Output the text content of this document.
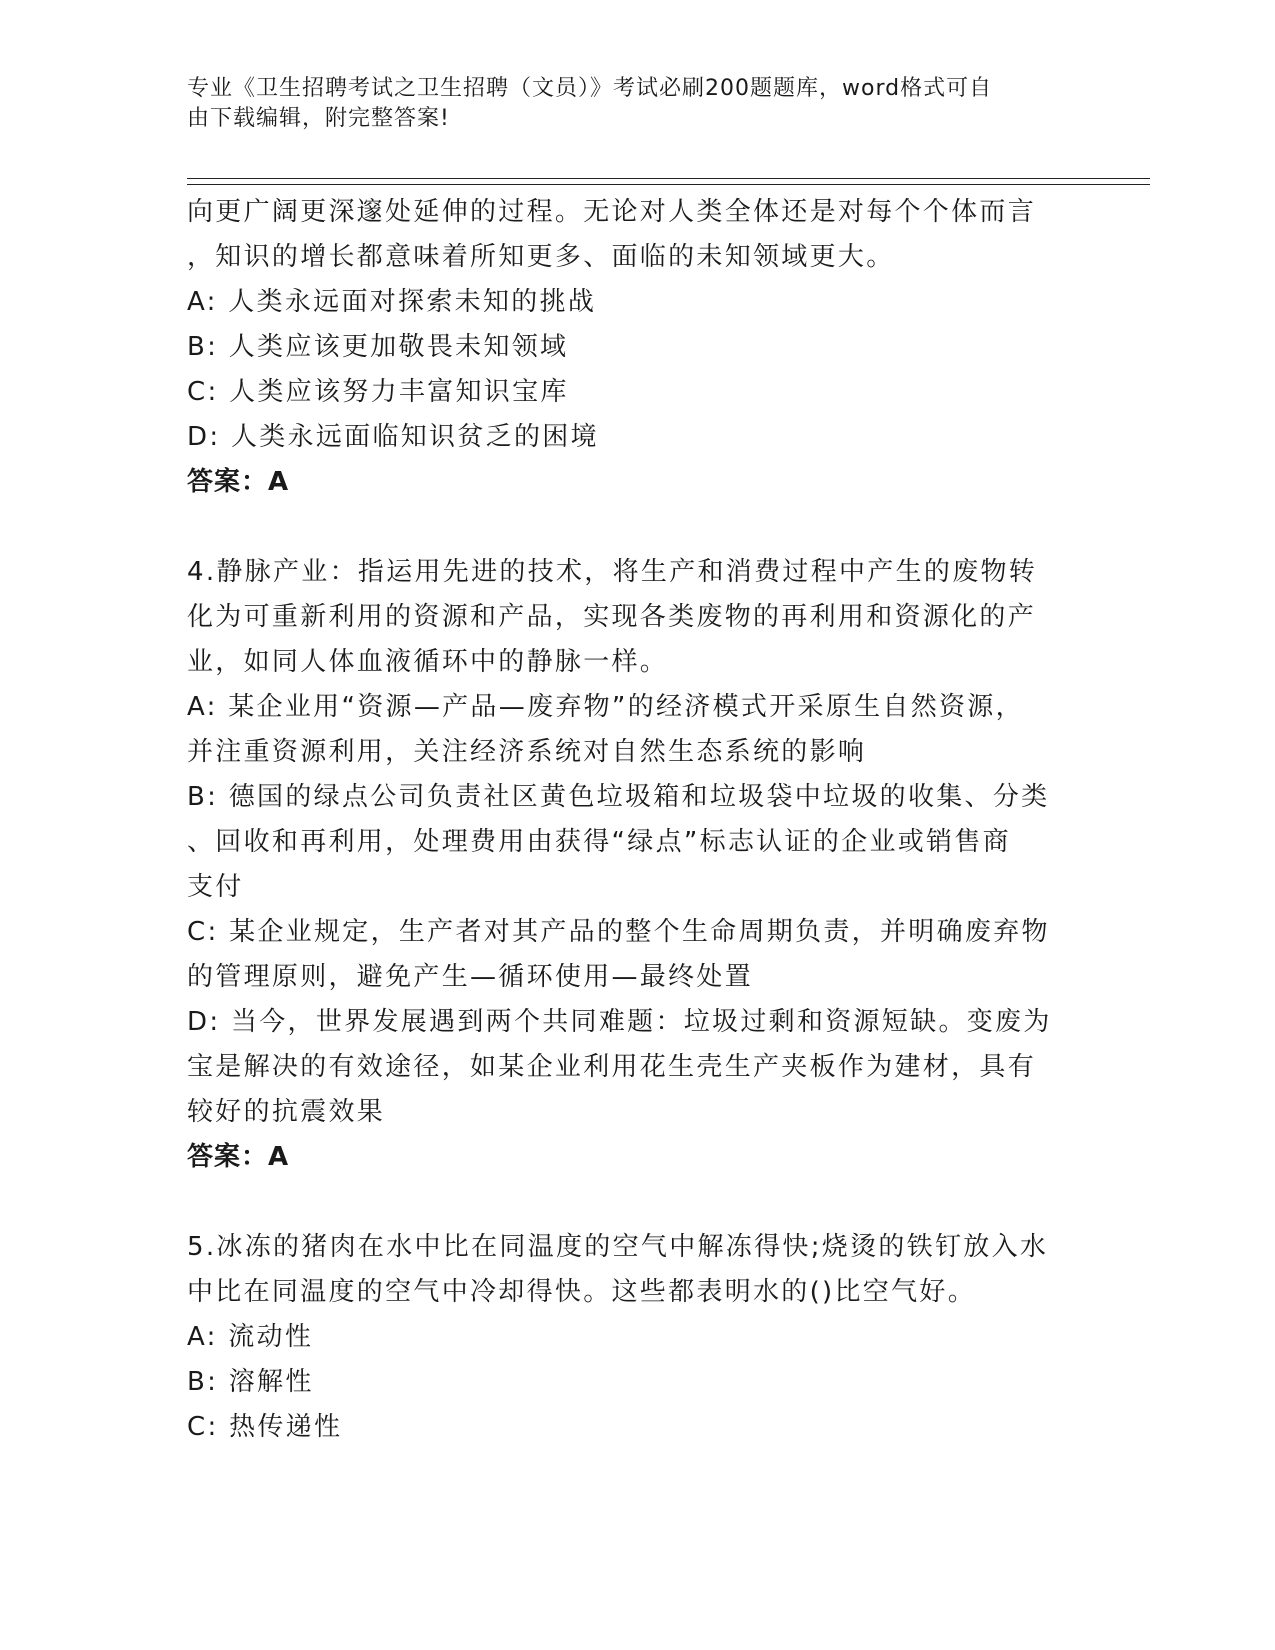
专业《卫生招聘考试之卫生招聘（文员）》考试必刷200题题库，word格式可自
由下载编辑，附完整答案!
向更广阔更深邃处延伸的过程。无论对人类全体还是对每个个体而言
，知识的增长都意味着所知更多、面临的未知领域更大。
A: 人类永远面对探索未知的挑战
B: 人类应该更加敬畏未知领域
C: 人类应该努力丰富知识宝库
D: 人类永远面临知识贫乏的困境
答案：A
4.静脉产业：指运用先进的技术，将生产和消费过程中产生的废物转
化为可重新利用的资源和产品，实现各类废物的再利用和资源化的产
业，如同人体血液循环中的静脉一样。
A: 某企业用“资源—产品—废弃物”的经济模式开采原生自然资源，
并注重资源利用，关注经济系统对自然生态系统的影响
B: 德国的绿点公司负责社区黄色垃圾箱和垃圾袋中垃圾的收集、分类
、回收和再利用，处理费用由获得“绿点”标志认证的企业或销售商
支付
C: 某企业规定，生产者对其产品的整个生命周期负责，并明确废弃物
的管理原则，避免产生—循环使用—最终处置
D: 当今，世界发展遇到两个共同难题：垃圾过剩和资源短缺。变废为
宝是解决的有效途径，如某企业利用花生壳生产夹板作为建材，具有
较好的抗震效果
答案：A
5.冰冻的猪肉在水中比在同温度的空气中解冻得快;烧烫的铁钉放入水
中比在同温度的空气中冷却得快。这些都表明水的()比空气好。
A: 流动性
B: 溶解性
C: 热传递性
